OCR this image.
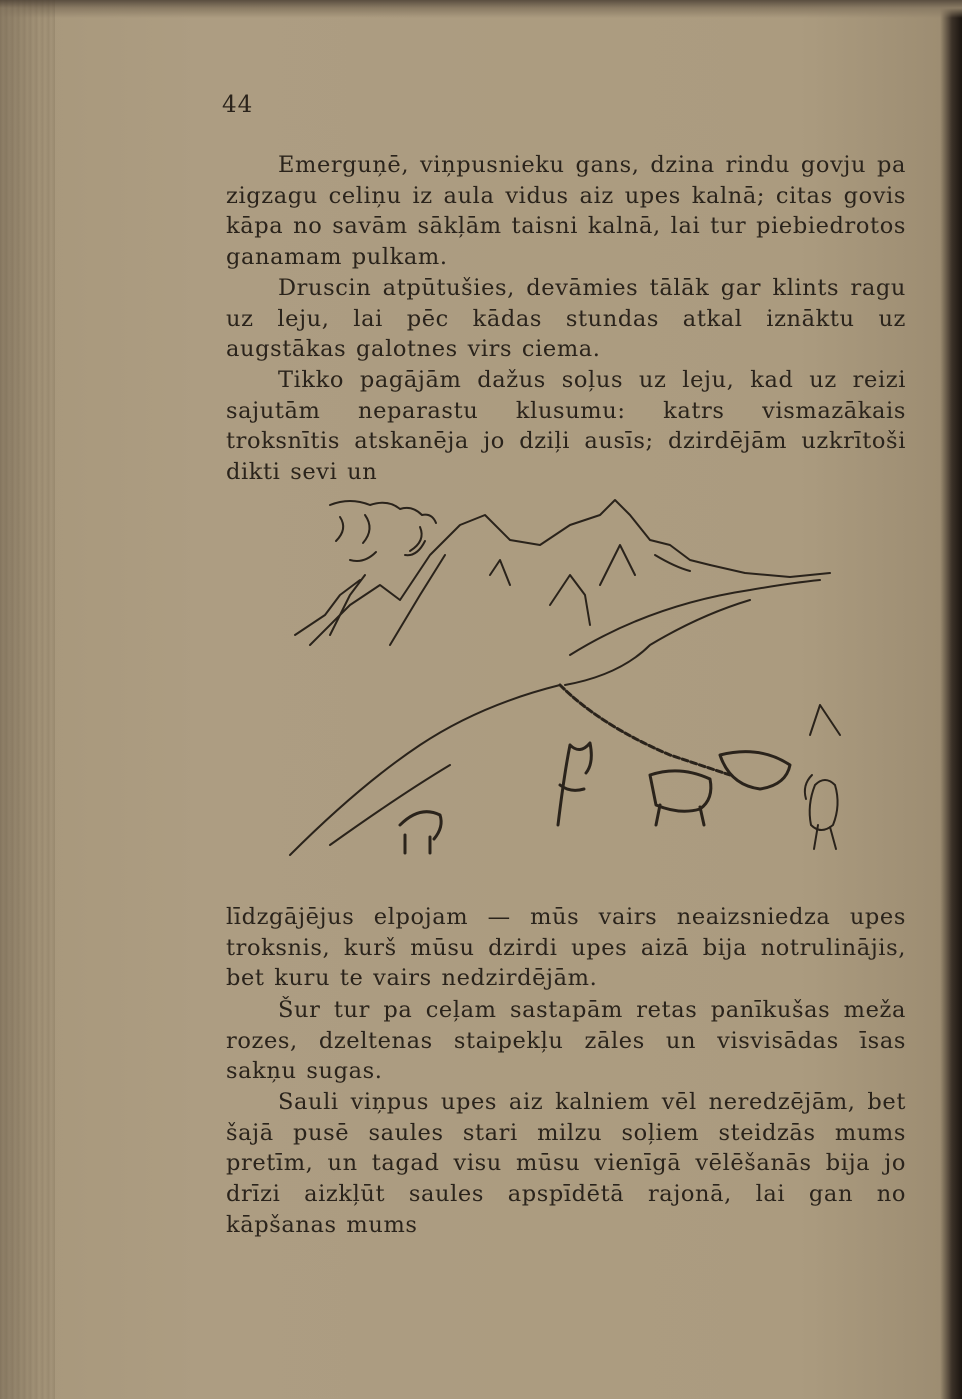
44

Emerguņē, viņpusnieku gans, dzina rindu govju pa zigzagu celiņu iz aula vidus aiz upes kalnā; citas govis kāpa no savām sākļām taisni kalnā, lai tur piebiedrotos ganamam pulkam.

Druscin atpūtušies, devāmies tālāk gar klints ragu uz leju, lai pēc kādas stundas atkal iznāktu uz augstākas galotnes virs ciema.

Tikko pagājām dažus soļus uz leju, kad uz reizi sajutām neparastu klusumu: katrs vismazākais troksnītis atskanēja jo dziļi ausīs; dzirdējām uzkrītoši dikti sevi un

līdzgājējus elpojam — mūs vairs neaizsniedza upes troksnis, kurš mūsu dzirdi upes aizā bija notrulinājis, bet kuru te vairs nedzirdējām.

Šur tur pa ceļam sastapām retas panīkušas meža rozes, dzeltenas staipekļu zāles un visvisādas īsas sakņu sugas.

Sauli viņpus upes aiz kalniem vēl neredzējām, bet šajā pusē saules stari milzu soļiem steidzās mums pretīm, un tagad visu mūsu vienīgā vēlēšanās bija jo drīzi aizkļūt saules apspīdētā rajonā, lai gan no kāpšanas mums
